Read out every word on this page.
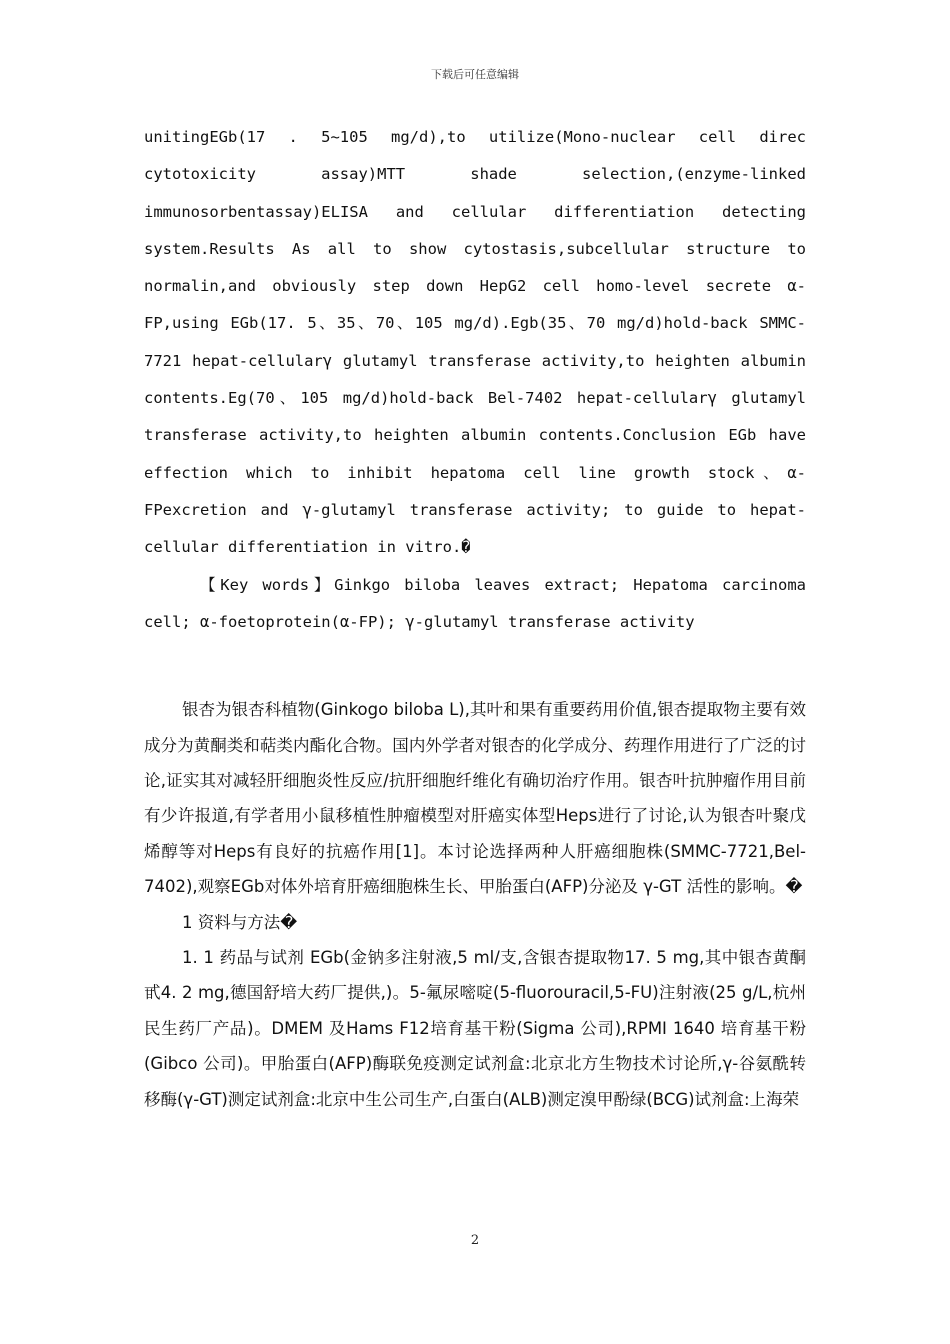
下载后可任意编辑

unitingEGb(17 . 5~105 mg/d),to utilize(Mono-nuclear cell direc cytotoxicity assay)MTT shade selection,(enzyme-linked immunosorbentassay)ELISA and cellular differentiation detecting system.Results As all to show cytostasis,subcellular structure to normalin,and obviously step down HepG2 cell homo-level secrete α-FP,using EGb(17. 5、35、70、105 mg/d).Egb(35、70 mg/d)hold-back SMMC-7721 hepat-cellularγ glutamyl transferase activity,to heighten albumin contents.Eg(70、105 mg/d)hold-back Bel-7402 hepat-cellularγ glutamyl transferase activity,to heighten albumin contents.Conclusion EGb have effection which to inhibit hepatoma cell line growth stock、α-FPexcretion and γ-glutamyl transferase activity; to guide to hepat-cellular differentiation in vitro.�

【Key words】Ginkgo biloba leaves extract; Hepatoma carcinoma cell; α-foetoprotein(α-FP); γ-glutamyl transferase activity

银杏为银杏科植物(Ginkogo biloba L),其叶和果有重要药用价值,银杏提取物主要有效成分为黄酮类和萜类内酯化合物。国内外学者对银杏的化学成分、药理作用进行了广泛的讨论,证实其对减轻肝细胞炎性反应/抗肝细胞纤维化有确切治疗作用。银杏叶抗肿瘤作用目前有少许报道,有学者用小鼠移植性肿瘤模型对肝癌实体型Heps进行了讨论,认为银杏叶聚戊烯醇等对Heps有良好的抗癌作用[1]。本讨论选择两种人肝癌细胞株(SMMC-7721,Bel-7402),观察EGb对体外培育肝癌细胞株生长、甲胎蛋白(AFP)分泌及 γ-GT 活性的影响。�

1 资料与方法�

1. 1 药品与试剂 EGb(金钠多注射液,5 ml/支,含银杏提取物17. 5 mg,其中银杏黄酮甙4. 2 mg,德国舒培大药厂提供,)。5-氟尿嘧啶(5-fluorouracil,5-FU)注射液(25 g/L,杭州民生药厂产品)。DMEM 及Hams F12培育基干粉(Sigma 公司),RPMI 1640 培育基干粉(Gibco 公司)。甲胎蛋白(AFP)酶联免疫测定试剂盒:北京北方生物技术讨论所,γ-谷氨酰转移酶(γ-GT)测定试剂盒:北京中生公司生产,白蛋白(ALB)测定溴甲酚绿(BCG)试剂盒:上海荣

2
